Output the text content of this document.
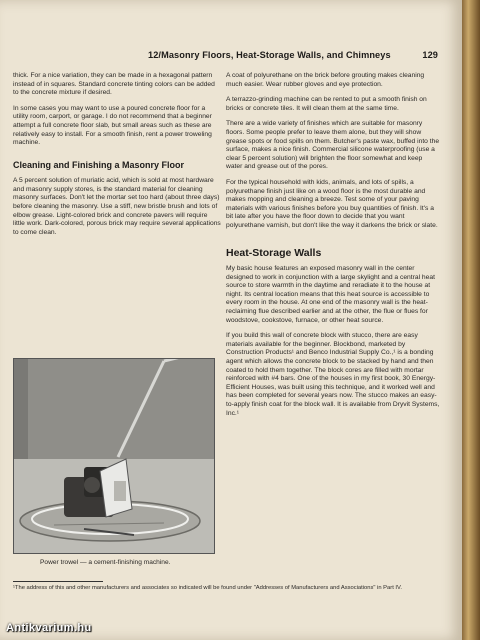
12/Masonry Floors, Heat-Storage Walls, and Chimneys	129

thick. For a nice variation, they can be made in a hexagonal pattern instead of in squares. Standard concrete tinting colors can be added to the concrete mixture if desired.

In some cases you may want to use a poured concrete floor for a utility room, carport, or garage. I do not recommend that a beginner attempt a full concrete floor slab, but small areas such as these are relatively easy to install. For a smooth finish, rent a power troweling machine.

Cleaning and Finishing a Masonry Floor

A 5 percent solution of muriatic acid, which is sold at most hardware and masonry supply stores, is the standard material for cleaning masonry surfaces. Don't let the mortar set too hard (about three days) before cleaning the masonry. Use a stiff, new bristle brush and lots of elbow grease. Light-colored brick and concrete pavers will require little work. Dark-colored, porous brick may require several applications to come clean.

Power trowel — a cement-finishing machine.

A coat of polyurethane on the brick before grouting makes cleaning much easier. Wear rubber gloves and eye protection.

A terrazzo-grinding machine can be rented to put a smooth finish on bricks or concrete tiles. It will clean them at the same time.

There are a wide variety of finishes which are suitable for masonry floors. Some people prefer to leave them alone, but they will show grease spots or food spills on them. Butcher's paste wax, buffed into the surface, makes a nice finish. Commercial silicone waterproofing (use a clear 5 percent solution) will brighten the floor somewhat and keep water and grease out of the pores.

For the typical household with kids, animals, and lots of spills, a polyurethane finish just like on a wood floor is the most durable and makes mopping and cleaning a breeze. Test some of your paving materials with various finishes before you buy quantities of finish. It's a bit late after you have the floor down to decide that you want polyurethane varnish, but don't like the way it darkens the brick or slate.

Heat-Storage Walls

My basic house features an exposed masonry wall in the center designed to work in conjunction with a large skylight and a central heat source to store warmth in the daytime and reradiate it to the house at night. Its central location means that this heat source is accessible to every room in the house. At one end of the masonry wall is the heat-reclaiming flue described earlier and at the other, the flue or flues for woodstove, cookstove, furnace, or other heat source.

If you build this wall of concrete block with stucco, there are easy materials available for the beginner. Blockbond, marketed by Construction Products¹ and Benco Industrial Supply Co.,¹ is a bonding agent which allows the concrete block to be stacked by hand and then coated to hold them together. The block cores are filled with mortar reinforced with #4 bars. One of the houses in my first book, 30 Energy-Efficient Houses, was built using this technique, and it worked well and has been completed for several years now. The stucco makes an easy-to-apply finish coat for the block wall. It is available from Dryvit Systems, Inc.¹

¹The address of this and other manufacturers and associates so indicated will be found under "Addresses of Manufacturers and Associations" in Part IV.
Antikvarium.hu
